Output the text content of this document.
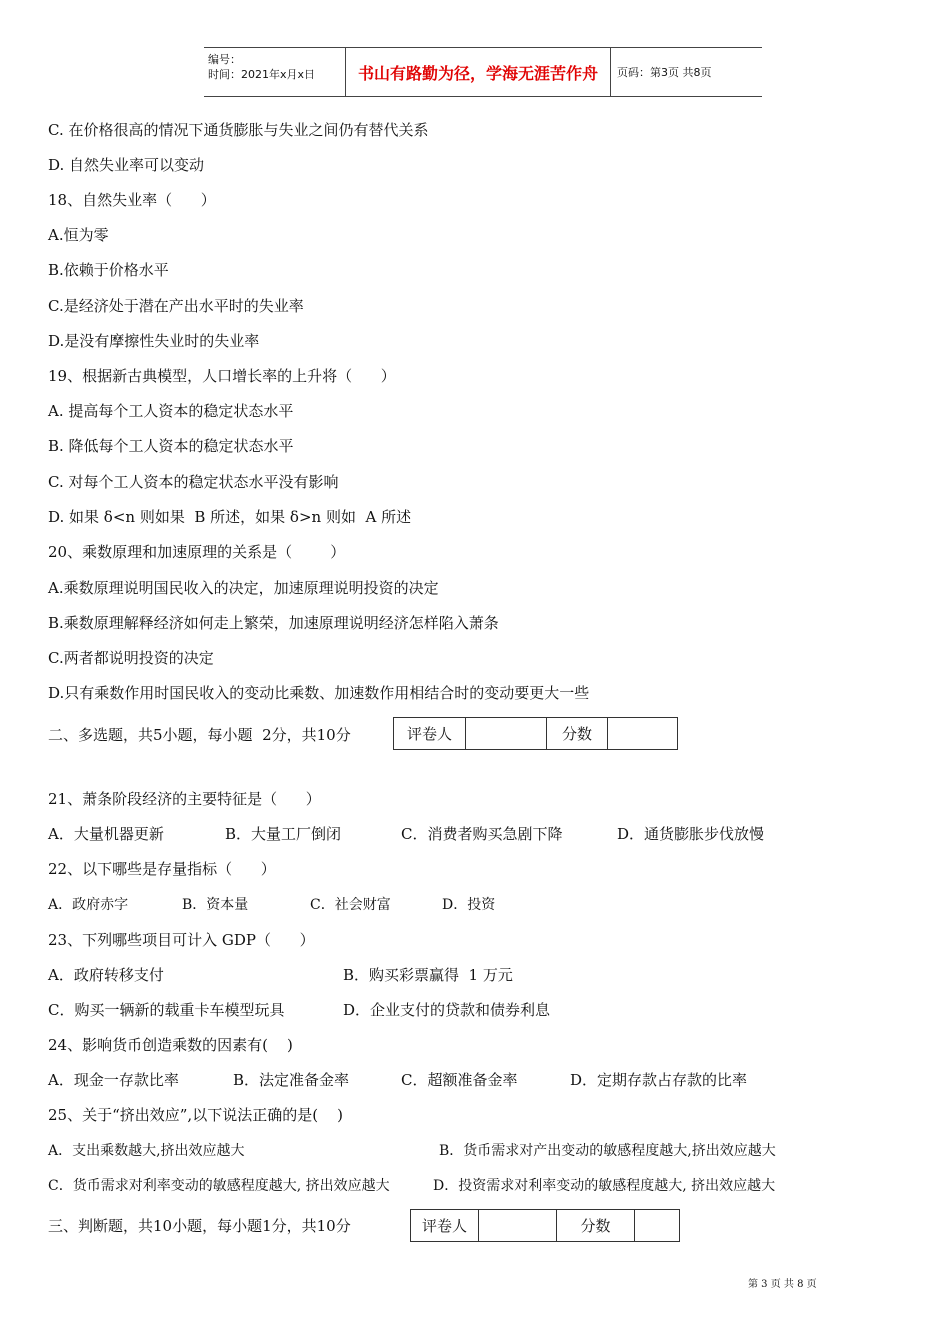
编号：
时间：2021年x月x日	书山有路勤为径，学海无涯苦作舟	页码：第3页 共8页
C. 在价格很高的情况下通货膨胀与失业之间仍有替代关系
D. 自然失业率可以变动
18、自然失业率（      ）
A.恒为零
B.依赖于价格水平
C.是经济处于潜在产出水平时的失业率
D.是没有摩擦性失业时的失业率
19、根据新古典模型，人口增长率的上升将（      ）
A. 提高每个工人资本的稳定状态水平
B. 降低每个工人资本的稳定状态水平
C. 对每个工人资本的稳定状态水平没有影响
D. 如果 δ<n 则如果  B 所述，如果 δ>n 则如  A 所述
20、乘数原理和加速原理的关系是（        ）
A.乘数原理说明国民收入的决定，加速原理说明投资的决定
B.乘数原理解释经济如何走上繁荣，加速原理说明经济怎样陷入萧条
C.两者都说明投资的决定
D.只有乘数作用时国民收入的变动比乘数、加速数作用相结合时的变动要更大一些
二、多选题，共5小题，每小题  2分，共10分	评卷人	分数
21、萧条阶段经济的主要特征是（      ）
A．大量机器更新	B．大量工厂倒闭	C．消费者购买急剧下降	D．通货膨胀步伐放慢
22、以下哪些是存量指标（      ）
A．政府赤字	B．资本量	C．社会财富	D．投资
23、下列哪些项目可计入 GDP（      ）
A．政府转移支付	B．购买彩票赢得  1 万元
C．购买一辆新的载重卡车模型玩具	D．企业支付的贷款和债券利息
24、影响货币创造乘数的因素有(    )
A．现金一存款比率	B．法定准备金率	C．超额准备金率	D．定期存款占存款的比率
25、关于“挤出效应”,以下说法正确的是(    )
A．支出乘数越大,挤出效应越大	B．货币需求对产出变动的敏感程度越大,挤出效应越大
C．货币需求对利率变动的敏感程度越大, 挤出效应越大	D．投资需求对利率变动的敏感程度越大, 挤出效应越大
三、判断题，共10小题，每小题1分，共10分	评卷人	分数
第 3 页 共 8 页
